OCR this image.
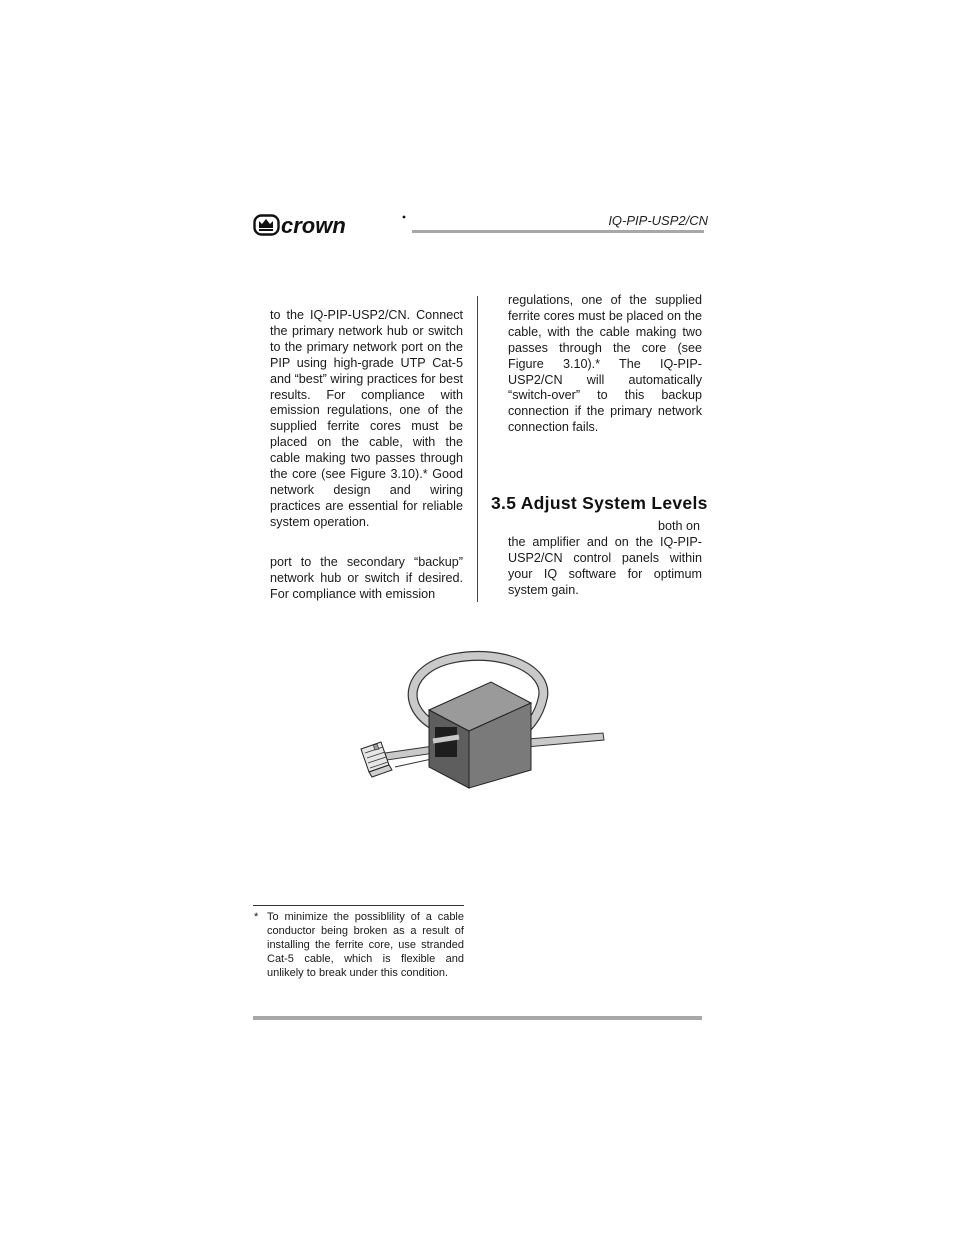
crown	IQ-PIP-USP2/CN
to the IQ-PIP-USP2/CN. Connect the primary network hub or switch to the primary network port on the PIP using high-grade UTP Cat-5 and “best” wiring practices for best results. For compliance with emission regulations, one of the supplied ferrite cores must be placed on the cable, with the cable making two passes through the core (see Figure 3.10).* Good network design and wiring practices are essential for reliable system operation.
port to the secondary “backup” network hub or switch if desired. For compliance with emission
regulations, one of the supplied ferrite cores must be placed on the cable, with the cable making two passes through the core (see Figure 3.10).* The IQ-PIP-USP2/CN will automatically “switch-over” to this backup connection if the primary network connection fails.
3.5 Adjust System Levels
both on
the amplifier and on the IQ-PIP-USP2/CN control panels within your IQ software for optimum system gain.
* To minimize the possiblility of a cable conductor being broken as a result of installing the ferrite core, use stranded Cat-5 cable, which is flexible and unlikely to break under this condition.
